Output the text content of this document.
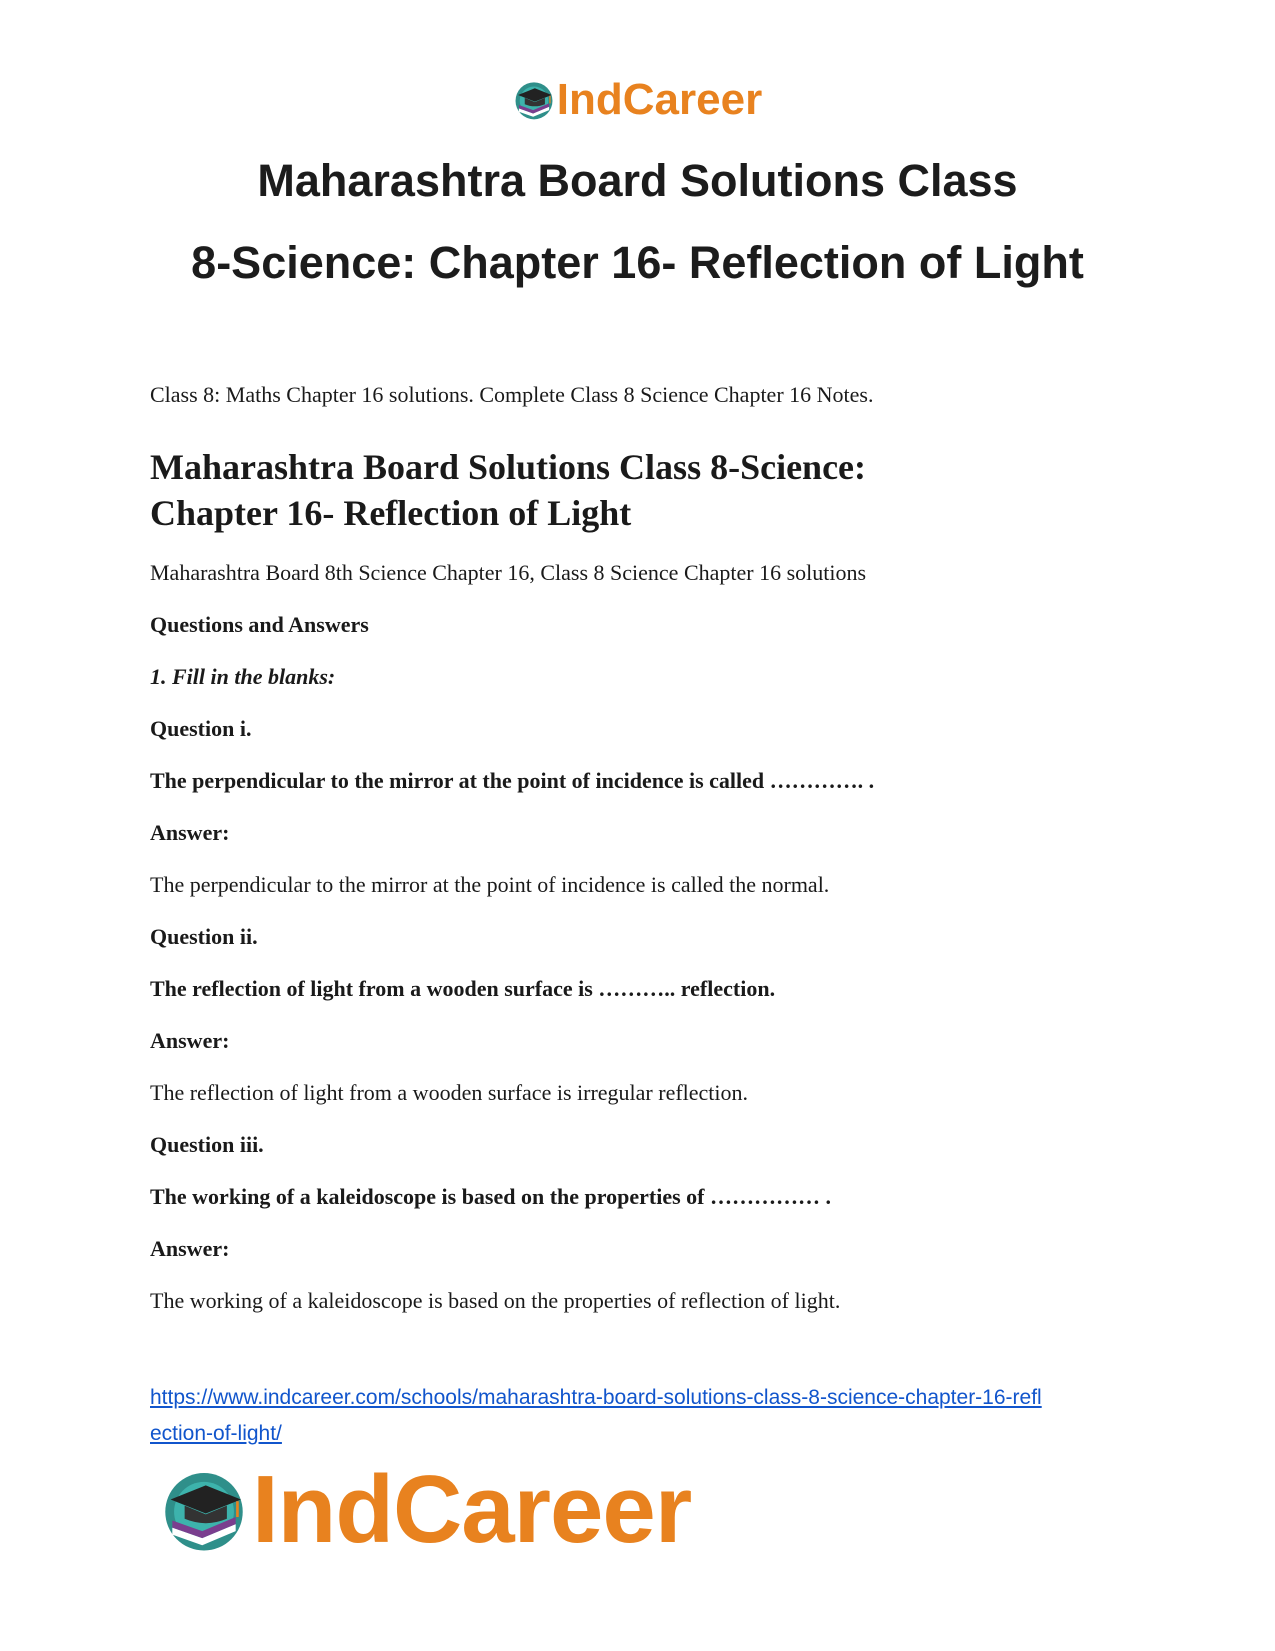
IndCareer
Maharashtra Board Solutions Class
8-Science: Chapter 16- Reflection of Light

Class 8: Maths Chapter 16 solutions. Complete Class 8 Science Chapter 16 Notes.

Maharashtra Board Solutions Class 8-Science:
Chapter 16- Reflection of Light

Maharashtra Board 8th Science Chapter 16, Class 8 Science Chapter 16 solutions

Questions and Answers

1. Fill in the blanks:

Question i.

The perpendicular to the mirror at the point of incidence is called …………. .

Answer:

The perpendicular to the mirror at the point of incidence is called the normal.

Question ii.

The reflection of light from a wooden surface is ……….. reflection.

Answer:

The reflection of light from a wooden surface is irregular reflection.

Question iii.

The working of a kaleidoscope is based on the properties of …………… .

Answer:

The working of a kaleidoscope is based on the properties of reflection of light.

https://www.indcareer.com/schools/maharashtra-board-solutions-class-8-science-chapter-16-refl
ection-of-light/
IndCareer
